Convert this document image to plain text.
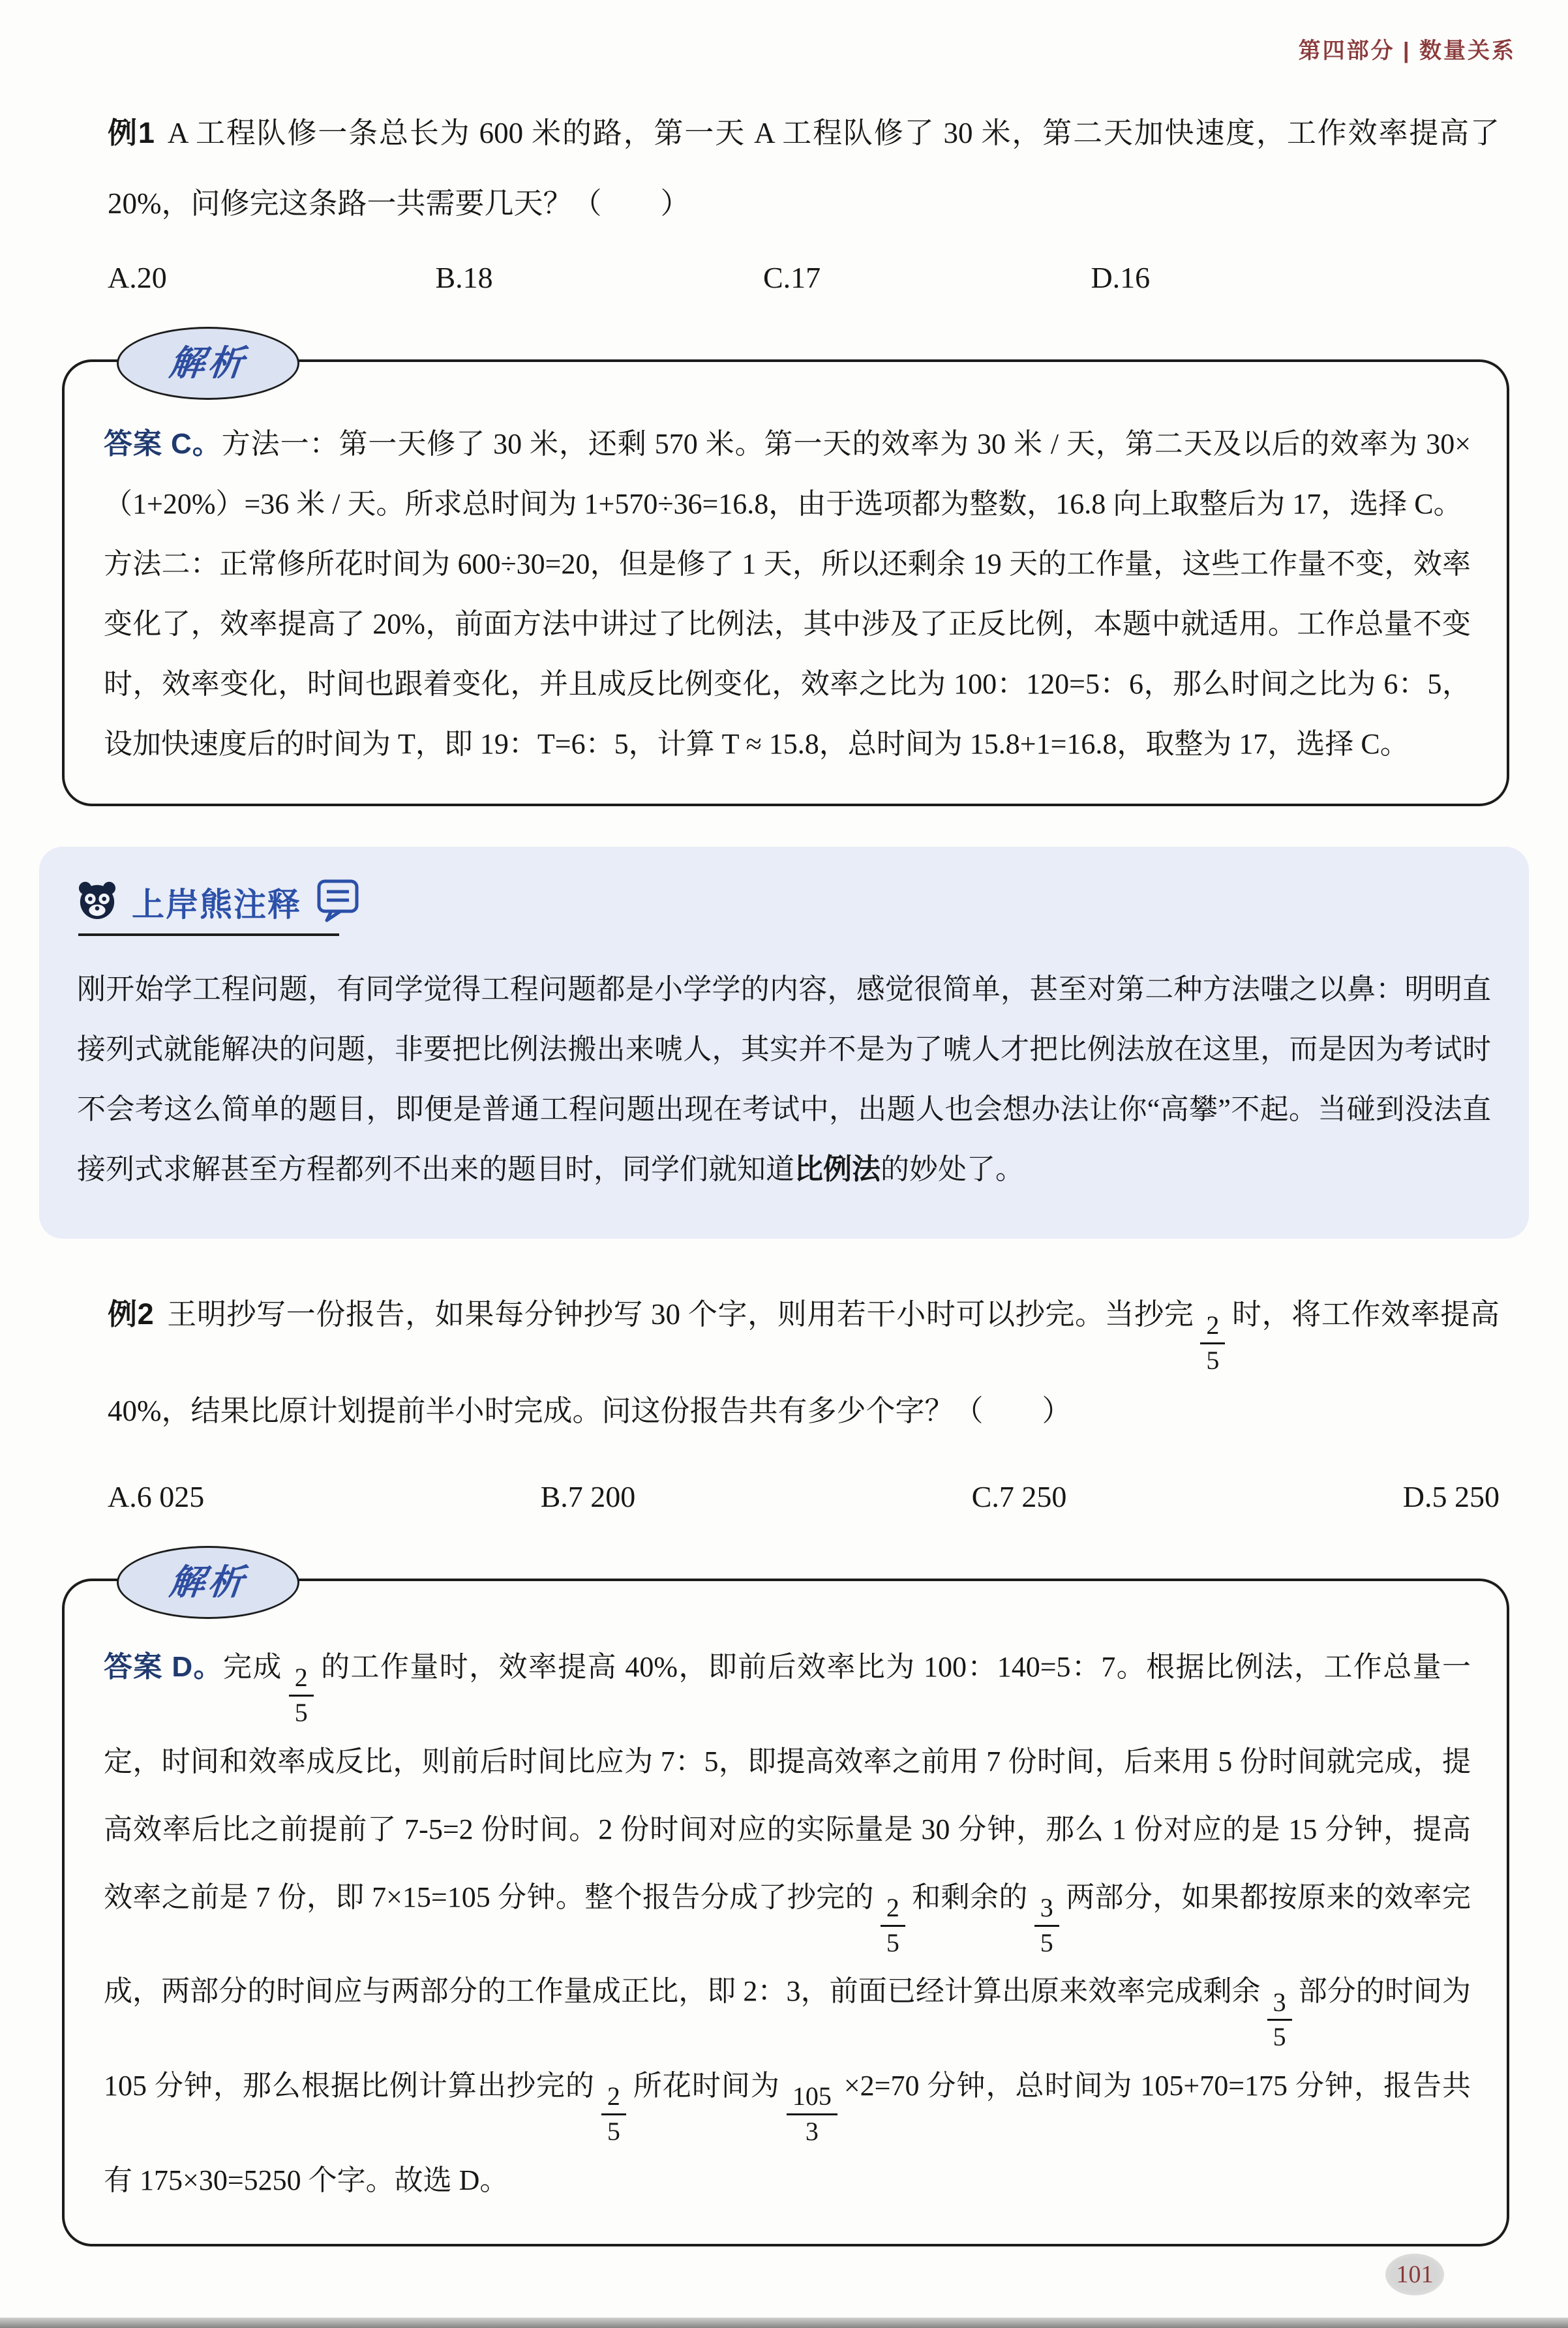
第四部分 | 数量关系

例1 A 工程队修一条总长为 600 米的路，第一天 A 工程队修了 30 米，第二天加快速度，工作效率提高了 20%，问修完这条路一共需要几天？（　　）

A.20	B.18	C.17	D.16
解析

答案 C。方法一：第一天修了 30 米，还剩 570 米。第一天的效率为 30 米 / 天，第二天及以后的效率为 30×（1+20%）=36 米 / 天。所求总时间为 1+570÷36=16.8，由于选项都为整数，16.8 向上取整后为 17，选择 C。

方法二：正常修所花时间为 600÷30=20，但是修了 1 天，所以还剩余 19 天的工作量，这些工作量不变，效率变化了，效率提高了 20%，前面方法中讲过了比例法，其中涉及了正反比例，本题中就适用。工作总量不变时，效率变化，时间也跟着变化，并且成反比例变化，效率之比为 100：120=5：6，那么时间之比为 6：5，设加快速度后的时间为 T，即 19：T=6：5，计算 T ≈ 15.8，总时间为 15.8+1=16.8，取整为 17，选择 C。

上岸熊注释

刚开始学工程问题，有同学觉得工程问题都是小学学的内容，感觉很简单，甚至对第二种方法嗤之以鼻：明明直接列式就能解决的问题，非要把比例法搬出来唬人，其实并不是为了唬人才把比例法放在这里，而是因为考试时不会考这么简单的题目，即便是普通工程问题出现在考试中，出题人也会想办法让你“高攀”不起。当碰到没法直接列式求解甚至方程都列不出来的题目时，同学们就知道比例法的妙处了。

例2 王明抄写一份报告，如果每分钟抄写 30 个字，则用若干小时可以抄完。当抄完 $\frac{2}{5}$ 时，将工作效率提高 40%，结果比原计划提前半小时完成。问这份报告共有多少个字？（　　）

A.6 025	B.7 200	C.7 250	D.5 250
解析

答案 D。完成 $\frac{2}{5}$ 的工作量时，效率提高 40%，即前后效率比为 100：140=5：7。根据比例法，工作总量一定，时间和效率成反比，则前后时间比应为 7：5，即提高效率之前用 7 份时间，后来用 5 份时间就完成，提高效率后比之前提前了 7-5=2 份时间。2 份时间对应的实际量是 30 分钟，那么 1 份对应的是 15 分钟，提高效率之前是 7 份，即 7×15=105 分钟。整个报告分成了抄完的 $\frac{2}{5}$ 和剩余的 $\frac{3}{5}$ 两部分，如果都按原来的效率完成，两部分的时间应与两部分的工作量成正比，即 2：3，前面已经计算出原来效率完成剩余 $\frac{3}{5}$ 部分的时间为 105 分钟，那么根据比例计算出抄完的 $\frac{2}{5}$ 所花时间为 $\frac{105}{3} \times 2=70$ 分钟，总时间为 105+70=175 分钟，报告共有 175×30=5250 个字。故选 D。

101
